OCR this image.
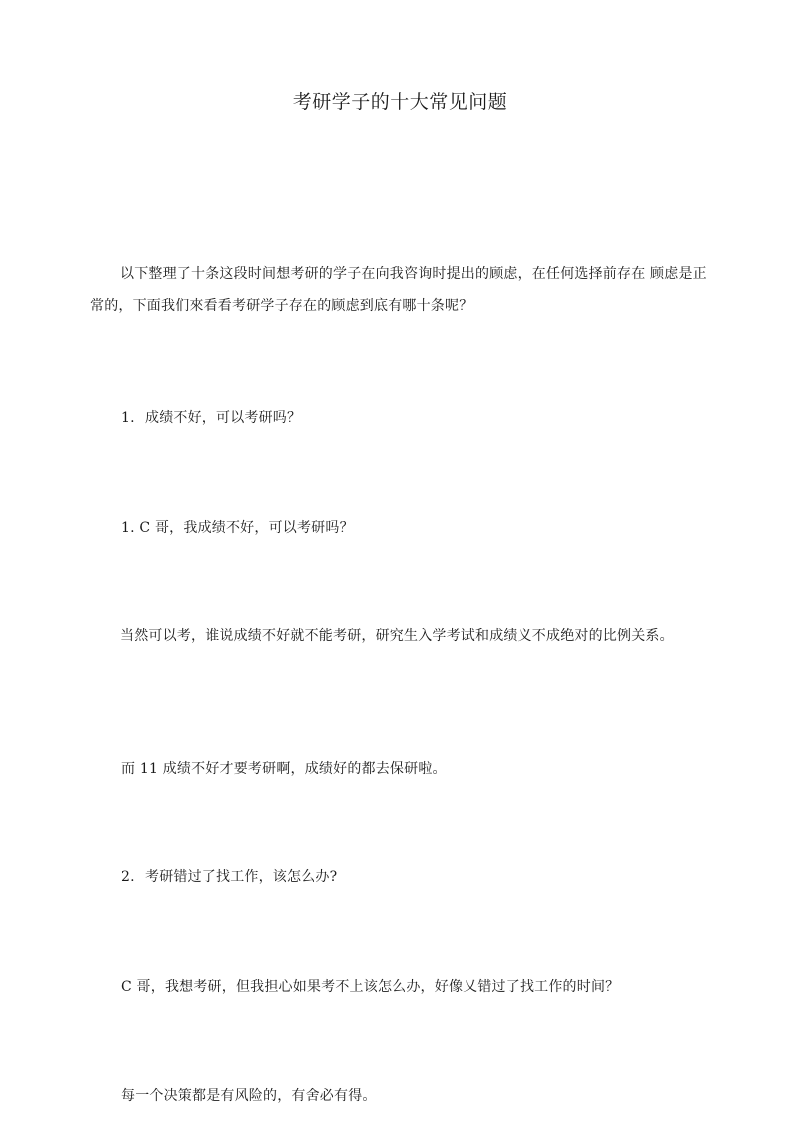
考研学子的十大常见问题
以下整理了十条这段时间想考研的学子在向我咨询时提出的顾虑，在任何选择前存在 顾虑是正常的，下面我们來看看考研学子存在的顾虑到底有哪十条呢？
1. 成绩不好，可以考研吗？
1. C 哥，我成绩不好，可以考研吗？
当然可以考，谁说成绩不好就不能考研，研究生入学考试和成绩义不成绝对的比例关系。
而 11 成绩不好才要考研啊，成绩好的都去保研啦。
2. 考研错过了找工作，该怎么办?
C 哥，我想考研，但我担心如果考不上该怎么办，好像乂错过了找工作的时间？
每一个决策都是有风险的，有舍必有得。
